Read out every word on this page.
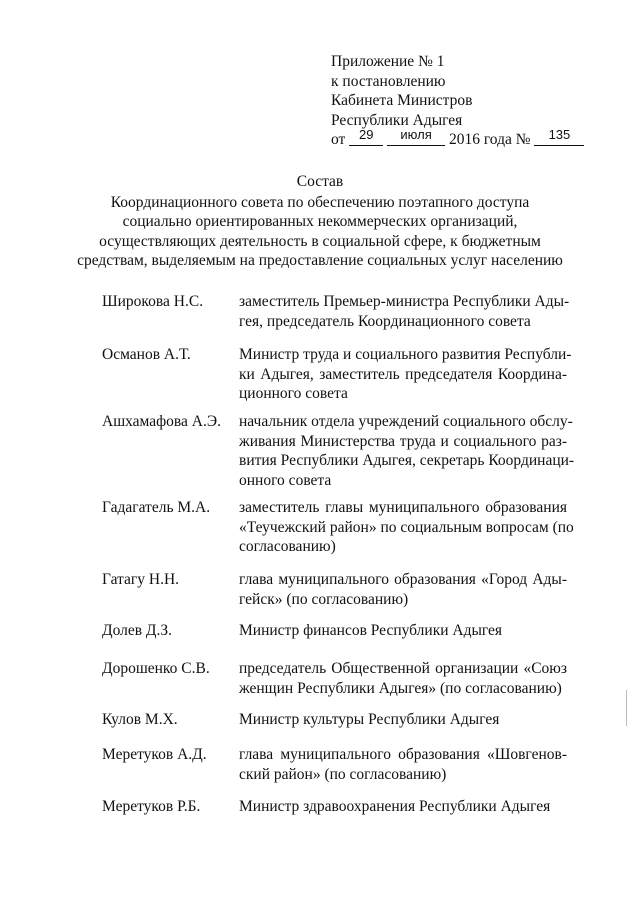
Приложение № 1
к постановлению
Кабинета Министров
Республики Адыгея
от $^{29}$ $^{июля}$ 2016 года № $^{135}$
Состав
Координационного совета по обеспечению поэтапного доступа
социально ориентированных некоммерческих организаций,
осуществляющих деятельность в социальной сфере, к бюджетным
средствам, выделяемым на предоставление социальных услуг населению
Широкова Н.С. заместитель Премьер-министра Республики Ады-
гея, председатель Координационного совета
Османов А.Т.	Министр труда и социального развития Республи-
ки Адыгея, заместитель председателя Координа-
ционного совета
Ашхамафова А.Э. начальник отдела учреждений социального обслу-
живания Министерства труда и социального раз-
вития Республики Адыгея, секретарь Координаци-
онного совета
Гадагатель М.А. заместитель главы муниципального образования
«Теучежский район» по социальным вопросам (по
согласованию)
Гатагу Н.Н.	глава муниципального образования «Город Ады-
гейск» (по согласованию)
Долев Д.З.	Министр финансов Республики Адыгея
Дорошенко С.В. председатель Общественной организации «Союз
женщин Республики Адыгея» (по согласованию)
Кулов М.Х.	Министр культуры Республики Адыгея
Меретуков А.Д. глава муниципального образования «Шовгенов-
ский район» (по согласованию)
Меретуков Р.Б. Министр здравоохранения Республики Адыгея
